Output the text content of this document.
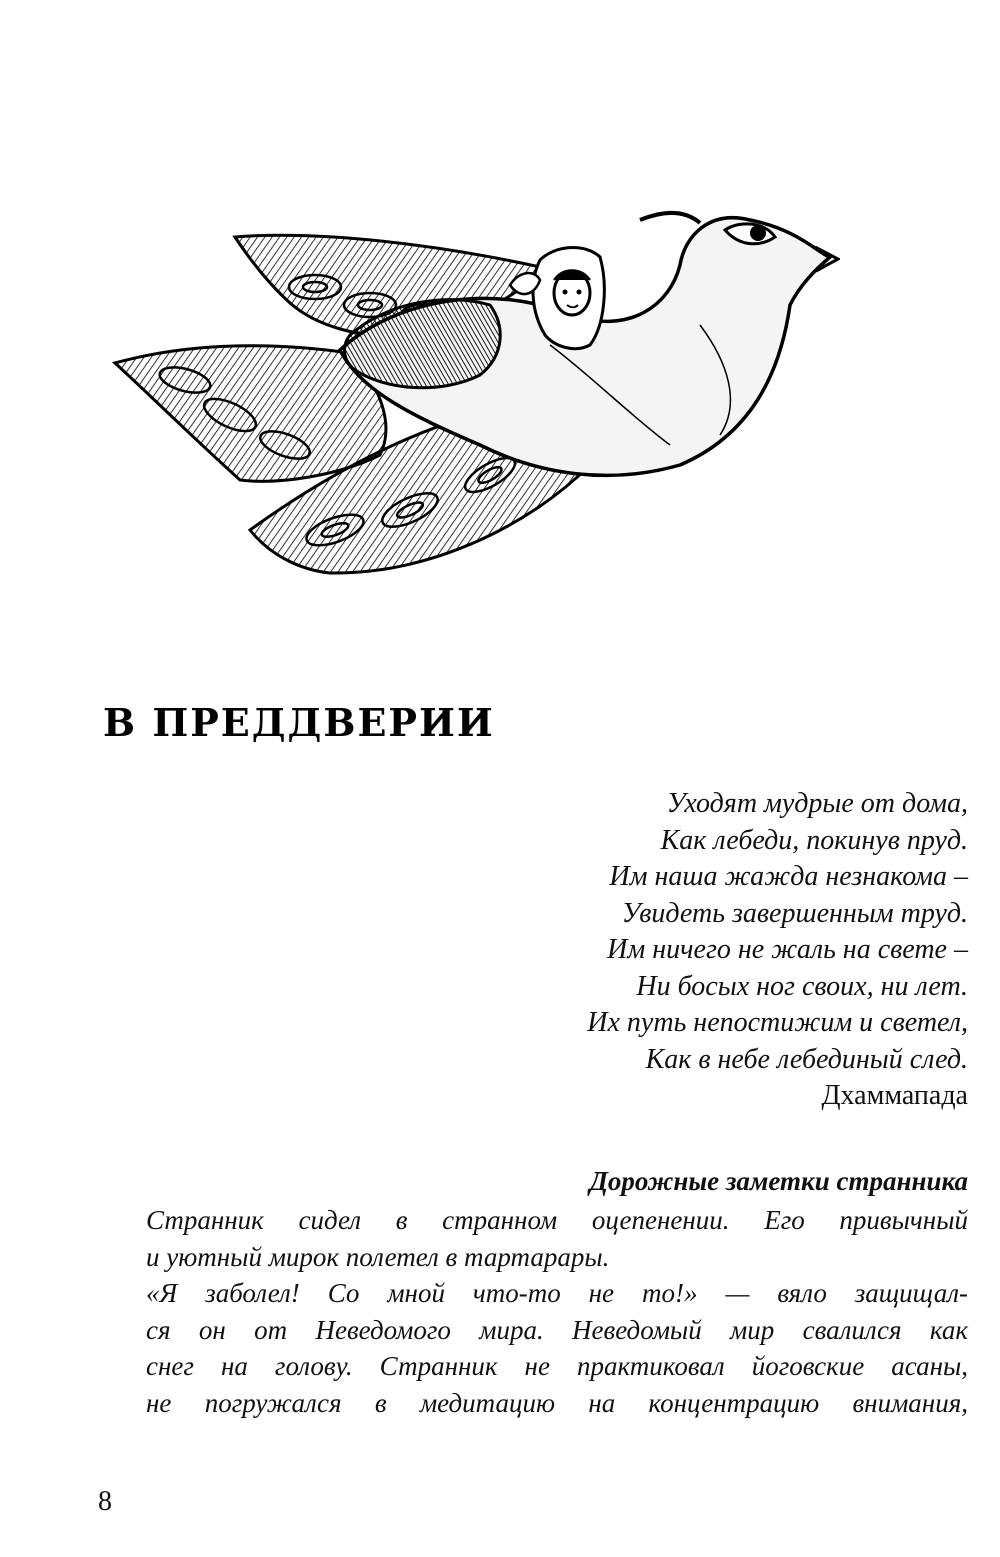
В ПРЕДДВЕРИИ
Уходят мудрые от дома,
Как лебеди, покинув пруд.
Им наша жажда незнакома –
Увидеть завершенным труд.
Им ничего не жаль на свете –
Ни босых ног своих, ни лет.
Их путь непостижим и светел,
Как в небе лебединый след.
Дхаммапада
Дорожные заметки странника
Странник сидел в странном оцепенении. Его привычный
и уютный мирок полетел в тартарары.
«Я заболел! Со мной что-то не то!» — вяло защищал-
ся он от Неведомого мира. Неведомый мир свалился как
снег на голову. Странник не практиковал йоговские асаны,
не погружался в медитацию на концентрацию внимания,
8
